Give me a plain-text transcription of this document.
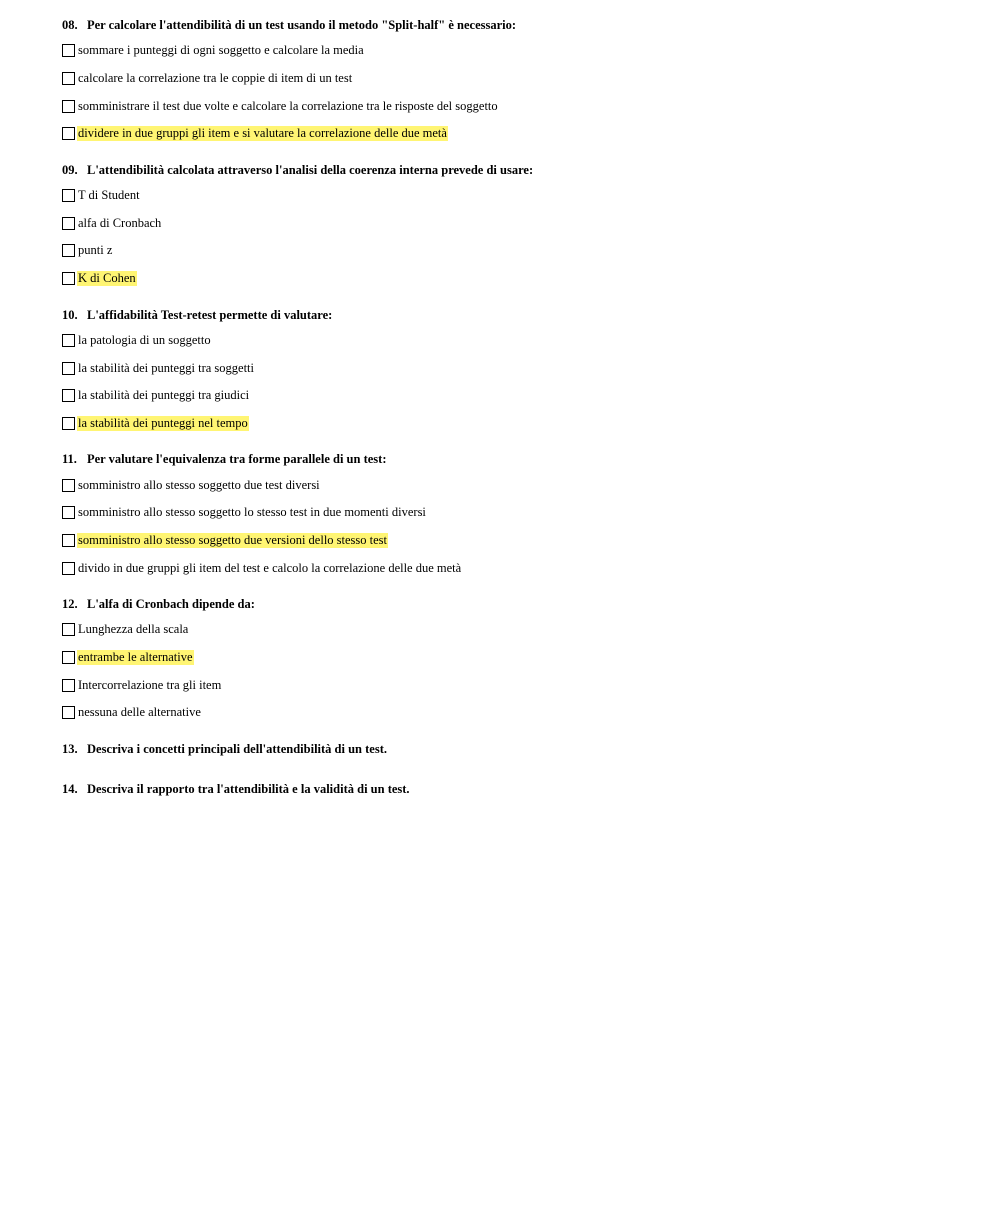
08. Per calcolare l'attendibilità di un test usando il metodo "Split-half" è necessario:
sommare i punteggi di ogni soggetto e calcolare la media
calcolare la correlazione tra le coppie di item di un test
somministrare il test due volte e calcolare la correlazione tra le risposte del soggetto
dividere in due gruppi gli item e si valutare la correlazione delle due metà
09. L'attendibilità calcolata attraverso l'analisi della coerenza interna prevede di usare:
T di Student
alfa di Cronbach
punti z
K di Cohen
10. L'affidabilità Test-retest permette di valutare:
la patologia di un soggetto
la stabilità dei punteggi tra soggetti
la stabilità dei punteggi tra giudici
la stabilità dei punteggi nel tempo
11. Per valutare l'equivalenza tra forme parallele di un test:
somministro allo stesso soggetto due test diversi
somministro allo stesso soggetto lo stesso test in due momenti diversi
somministro allo stesso soggetto due versioni dello stesso test
divido in due gruppi gli item del test e calcolo la correlazione delle due metà
12. L'alfa di Cronbach dipende da:
Lunghezza della scala
entrambe le alternative
Intercorrelazione tra gli item
nessuna delle alternative
13. Descriva i concetti principali dell'attendibilità di un test.
14. Descriva il rapporto tra l'attendibilità e la validità di un test.
